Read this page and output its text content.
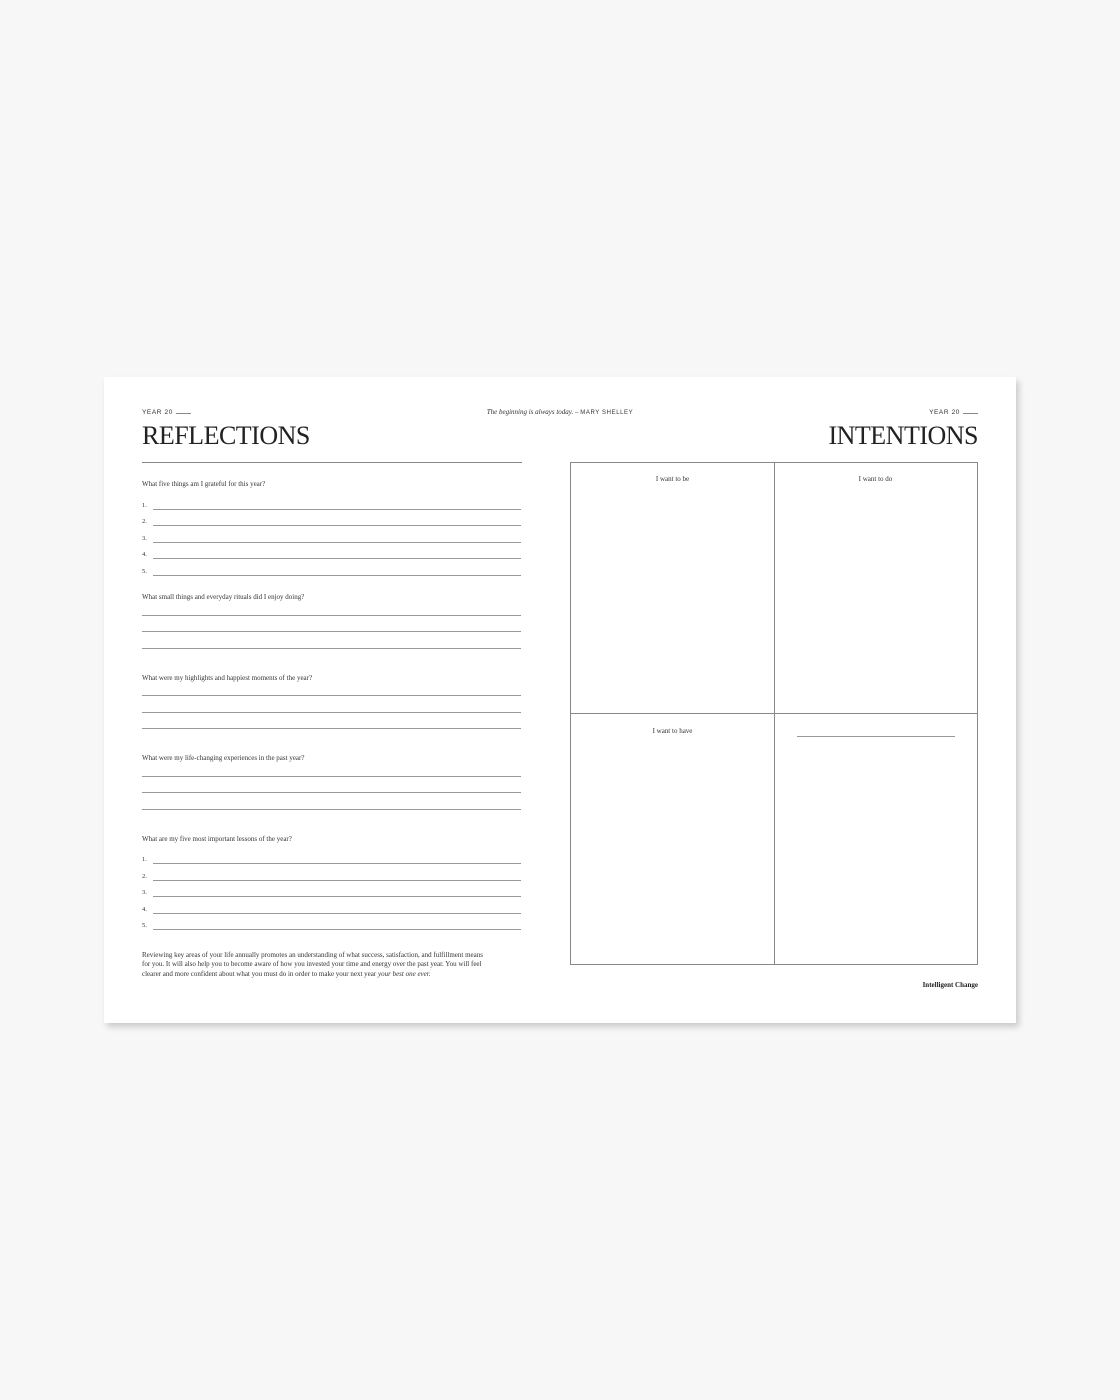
YEAR 20	The beginning is always today. – MARY SHELLEY	YEAR 20
REFLECTIONS	INTENTIONS
What five things am I grateful for this year?
1.
2.
3.
4.
5.
What small things and everyday rituals did I enjoy doing?
What were my highlights and happiest moments of the year?
What were my life-changing experiences in the past year?
What are my five most important lessons of the year?
1.
2.
3.
4.
5.

Reviewing key areas of your life annually promotes an understanding of what success, satisfaction, and fulfillment means for you. It will also help you to become aware of how you invested your time and energy over the past year. You will feel clearer and more confident about what you must do in order to make your next year your best one ever.

I want to be	I want to do
I want to have
Intelligent Change
